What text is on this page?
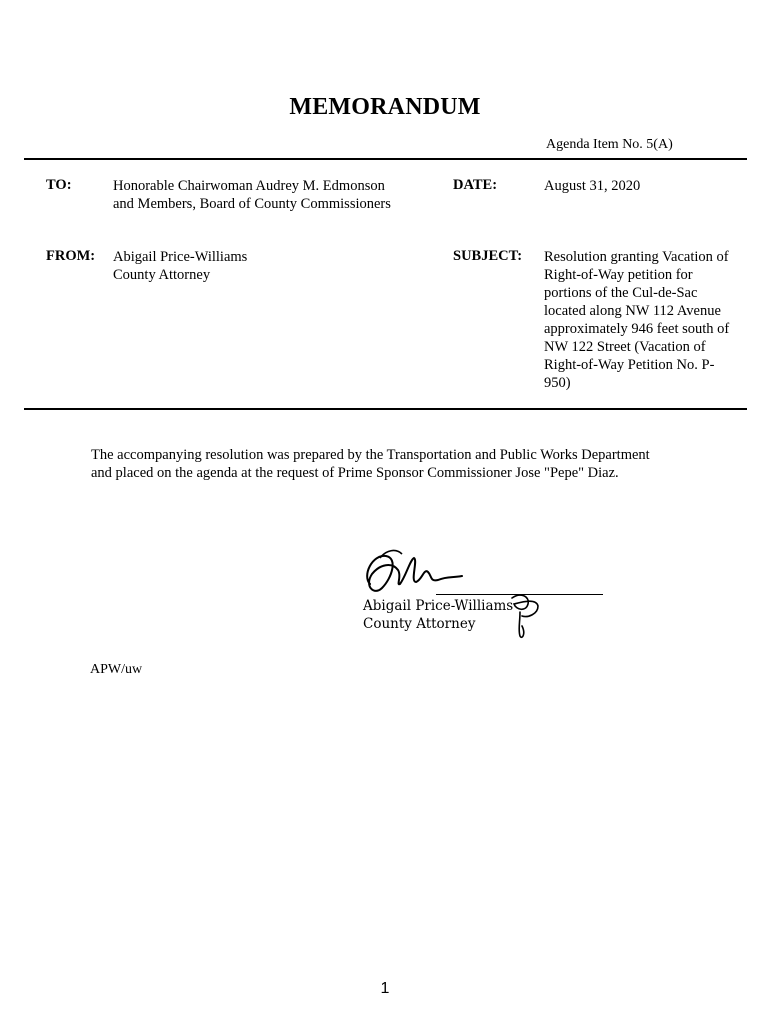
MEMORANDUM
Agenda Item No. 5(A)
TO:	Honorable Chairwoman Audrey M. Edmonson
and Members, Board of County Commissioners
DATE:	August 31, 2020
FROM: Abigail Price-Williams
County Attorney
SUBJECT: Resolution granting Vacation of
Right-of-Way petition for
portions of the Cul-de-Sac
located along NW 112 Avenue
approximately 946 feet south of
NW 122 Street (Vacation of
Right-of-Way Petition No. P-
950)
The accompanying resolution was prepared by the Transportation and Public Works Department
and placed on the agenda at the request of Prime Sponsor Commissioner Jose "Pepe" Diaz.
Abigail Price-Williams
County Attorney
APW/uw
1
